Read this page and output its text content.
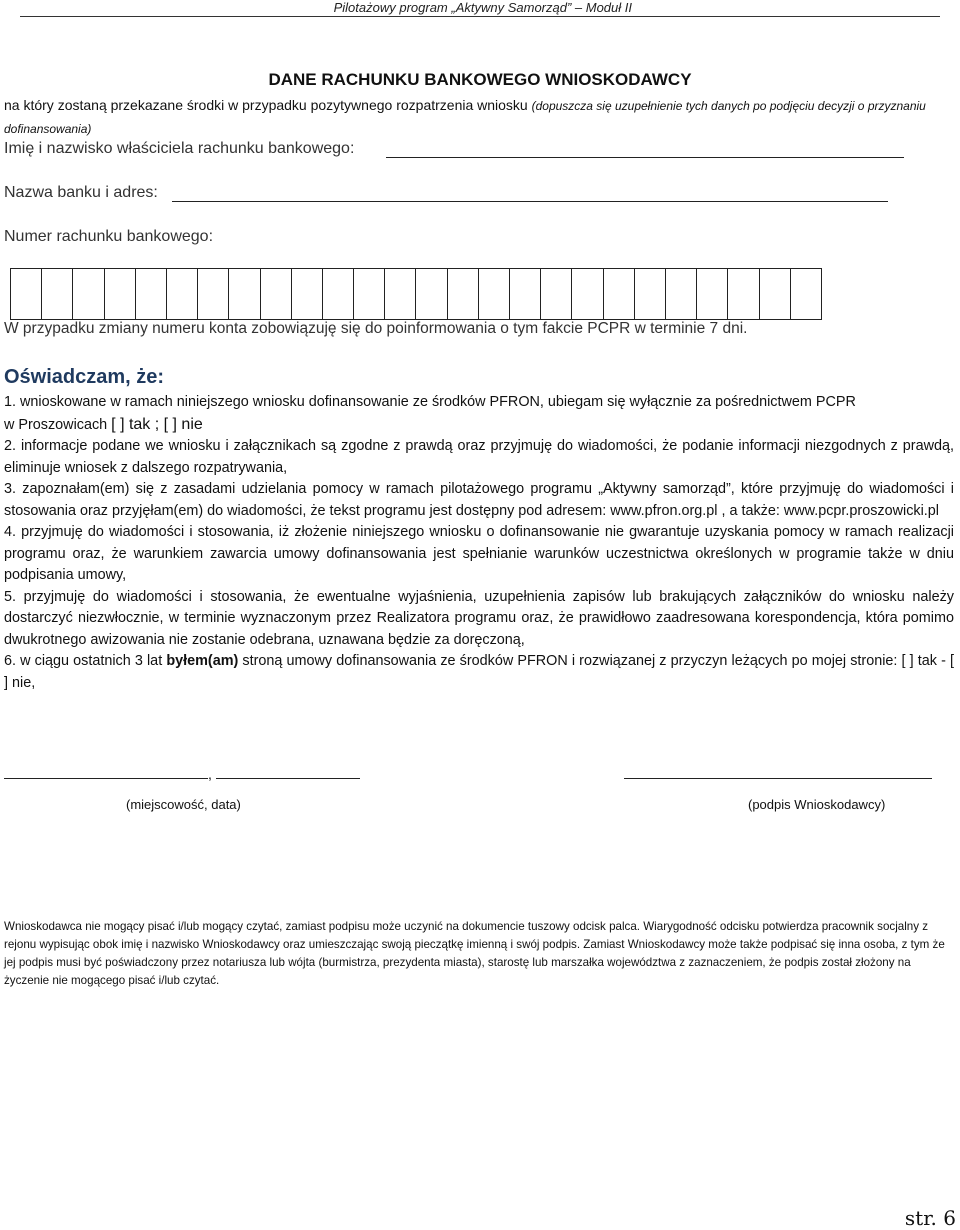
Pilotażowy program „Aktywny Samorząd” – Moduł II
DANE RACHUNKU BANKOWEGO WNIOSKODAWCY
na który zostaną przekazane środki w przypadku pozytywnego rozpatrzenia wniosku (dopuszcza się uzupełnienie tych danych po podjęciu decyzji o przyznaniu dofinansowania)
Imię i nazwisko właściciela rachunku bankowego:
Nazwa banku i adres:
Numer rachunku bankowego:
W przypadku zmiany numeru konta zobowiązuję się do poinformowania o tym fakcie PCPR w terminie 7 dni.
Oświadczam, że:

1. wnioskowane w ramach niniejszego wniosku dofinansowanie ze środków PFRON, ubiegam się wyłącznie za pośrednictwem PCPR
w Proszowicach [ ] tak ; [ ] nie

2. informacje podane we wniosku i załącznikach są zgodne z prawdą oraz przyjmuję do wiadomości, że podanie informacji niezgodnych z prawdą, eliminuje wniosek z dalszego rozpatrywania,

3. zapoznałam(em) się z zasadami udzielania pomocy w ramach pilotażowego programu „Aktywny samorząd”, które przyjmuję do wiadomości i stosowania oraz przyjęłam(em) do wiadomości, że tekst programu jest dostępny pod adresem: www.pfron.org.pl , a także: www.pcpr.proszowicki.pl

4. przyjmuję do wiadomości i stosowania, iż złożenie niniejszego wniosku o dofinansowanie nie gwarantuje uzyskania pomocy w ramach realizacji programu oraz, że warunkiem zawarcia umowy dofinansowania jest spełnianie warunków uczestnictwa określonych w programie także w dniu podpisania umowy,

5. przyjmuję do wiadomości i stosowania, że ewentualne wyjaśnienia, uzupełnienia zapisów lub brakujących załączników do wniosku należy dostarczyć niezwłocznie, w terminie wyznaczonym przez Realizatora programu oraz, że prawidłowo zaadresowana korespondencja, która pomimo dwukrotnego awizowania nie zostanie odebrana, uznawana będzie za doręczoną,

6. w ciągu ostatnich 3 lat byłem(am) stroną umowy dofinansowania ze środków PFRON i rozwiązanej z przyczyn leżących po mojej stronie: [ ] tak - [ ] nie,

,
(miejscowość, data)	(podpis Wnioskodawcy)
Wnioskodawca nie mogący pisać i/lub mogący czytać, zamiast podpisu może uczynić na dokumencie tuszowy odcisk palca. Wiarygodność odcisku potwierdza pracownik socjalny z rejonu wypisując obok imię i nazwisko Wnioskodawcy oraz umieszczając swoją pieczątkę imienną i swój podpis. Zamiast Wnioskodawcy może także podpisać się inna osoba, z tym że jej podpis musi być poświadczony przez notariusza lub wójta (burmistrza, prezydenta miasta), starostę lub marszałka województwa z zaznaczeniem, że podpis został złożony na życzenie nie mogącego pisać i/lub czytać.
str. 6
